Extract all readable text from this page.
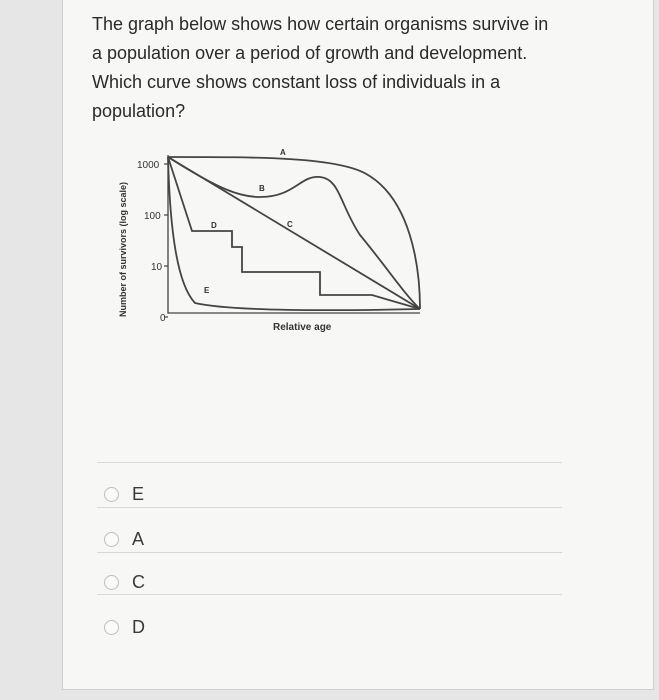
The graph below shows how certain organisms survive in a population over a period of growth and development. Which curve shows constant loss of individuals in a population?

Number of survivors (log scale)
1000
100
10
0
A
B
C
D
E
Relative age
E
A
C
D
